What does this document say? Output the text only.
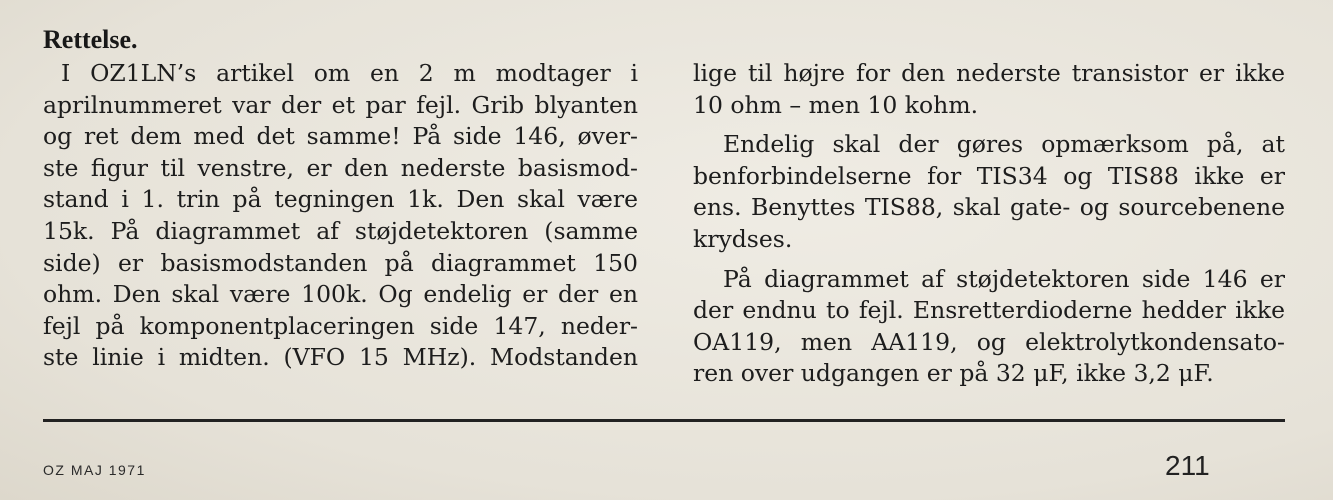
Rettelse.
I OZ1LN’s artikel om en 2 m modtager i
aprilnummeret var der et par fejl. Grib blyanten
og ret dem med det samme! På side 146, øver-
ste figur til venstre, er den nederste basismod-
stand i 1. trin på tegningen 1k. Den skal være
15k. På diagrammet af støjdetektoren (samme
side) er basismodstanden på diagrammet 150
ohm. Den skal være 100k. Og endelig er der en
fejl på komponentplaceringen side 147, neder-
ste linie i midten. (VFO 15 MHz). Modstanden
lige til højre for den nederste transistor er ikke
10 ohm – men 10 kohm.
Endelig skal der gøres opmærksom på, at
benforbindelserne for TIS34 og TIS88 ikke er
ens. Benyttes TIS88, skal gate- og sourcebenene
krydses.
På diagrammet af støjdetektoren side 146 er
der endnu to fejl. Ensretterdioderne hedder ikke
OA119, men AA119, og elektrolytkondensato-
ren over udgangen er på 32 μF, ikke 3,2 μF.
OZ MAJ 1971	211
